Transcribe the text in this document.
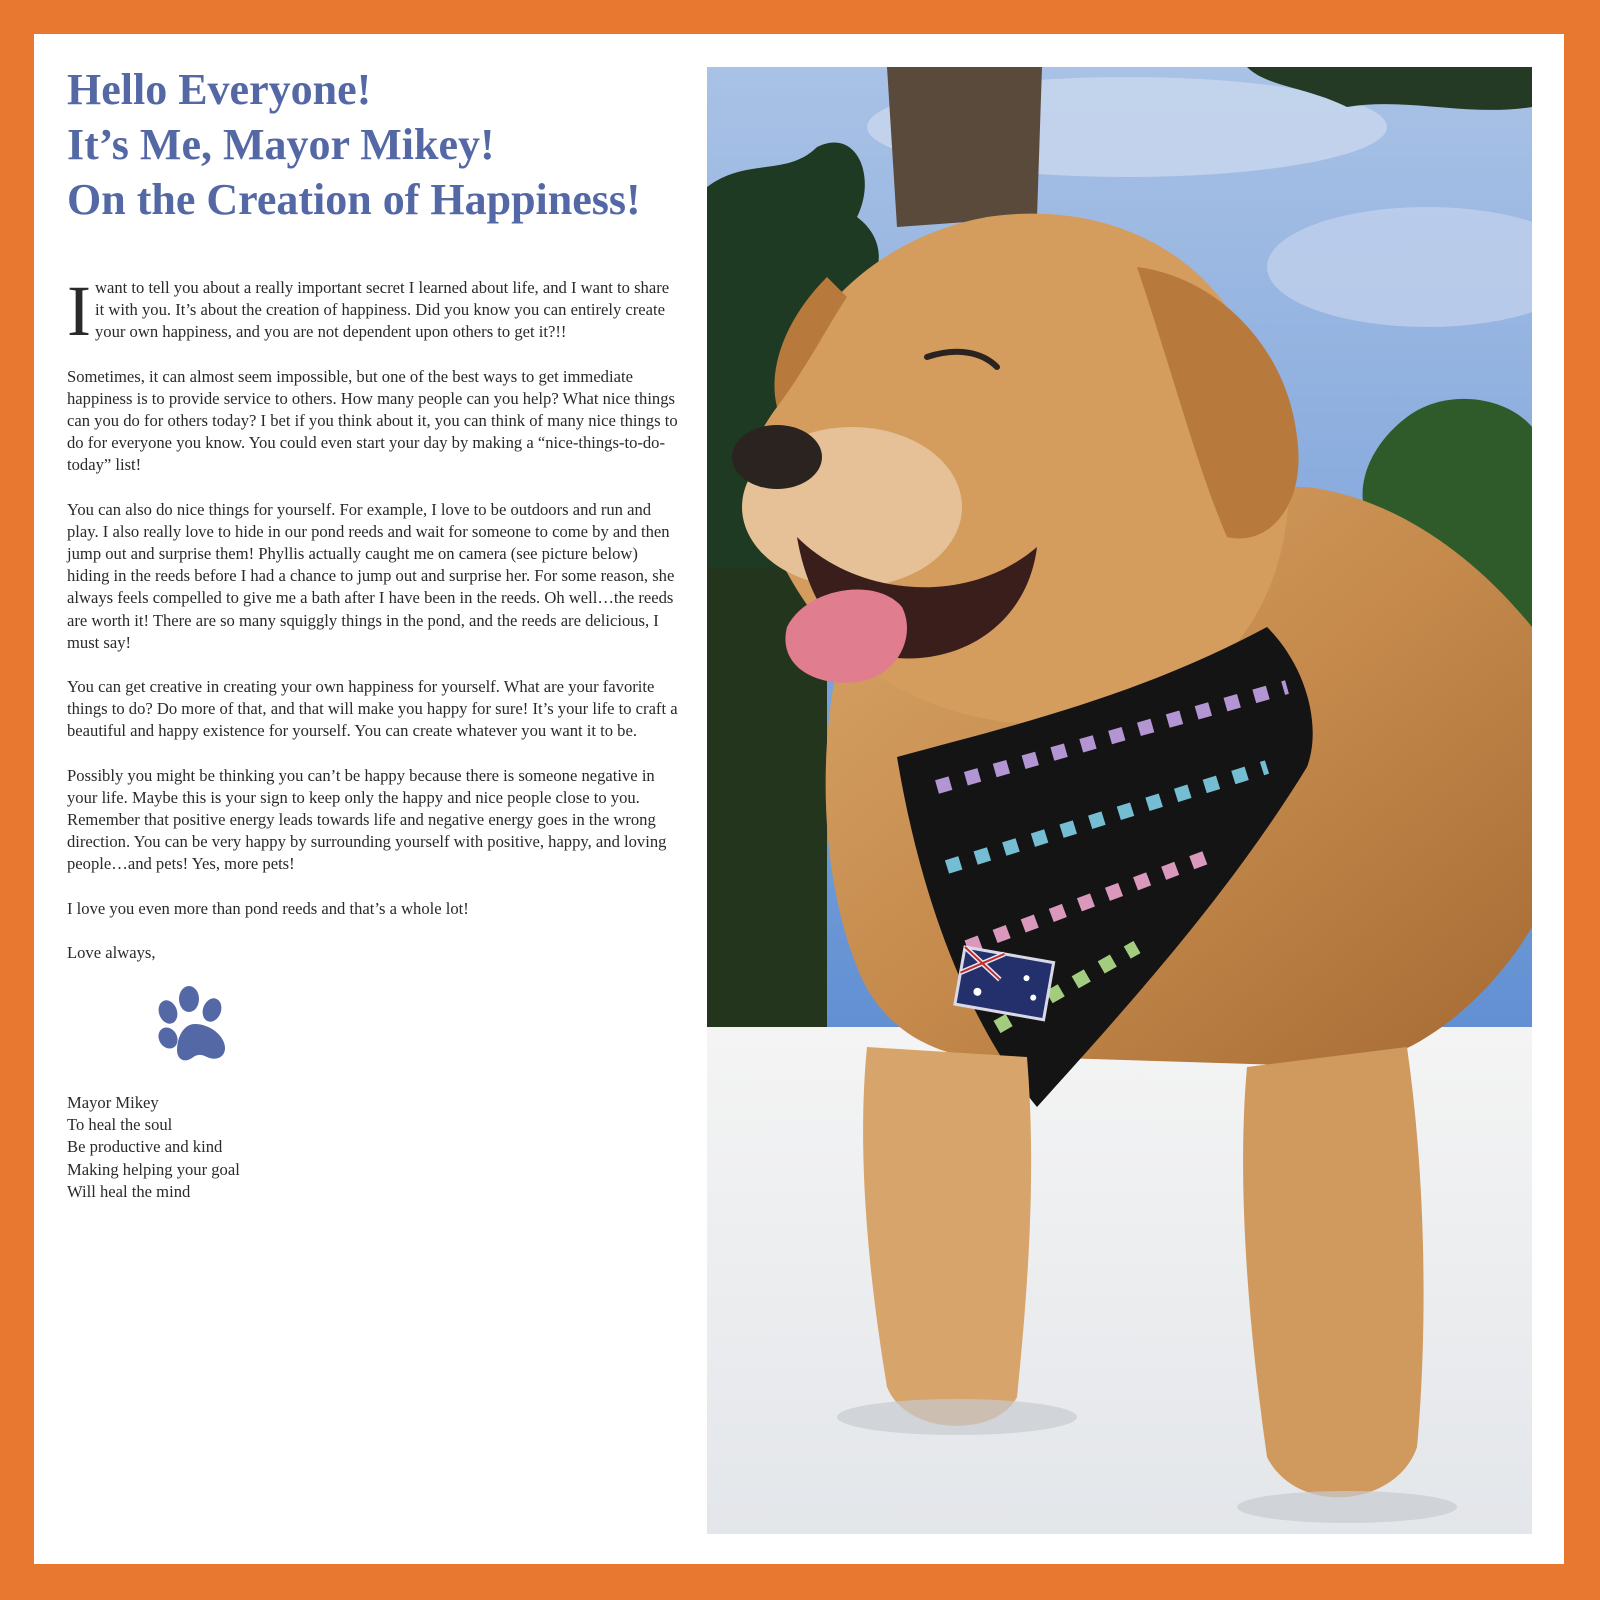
Hello Everyone!
It’s Me, Mayor Mikey!
On the Creation of Happiness!

Iwant to tell you about a really important secret I learned about life, and I want to share it with you. It’s about the creation of happiness. Did you know you can entirely create your own happiness, and you are not dependent upon others to get it?!!

Sometimes, it can almost seem impossible, but one of the best ways to get immediate happiness is to provide service to others. How many people can you help? What nice things can you do for others today? I bet if you think about it, you can think of many nice things to do for everyone you know. You could even start your day by making a “nice-things-to-do-today” list!

You can also do nice things for yourself. For example, I love to be outdoors and run and play. I also really love to hide in our pond reeds and wait for someone to come by and then jump out and surprise them! Phyllis actually caught me on camera (see picture below) hiding in the reeds before I had a chance to jump out and surprise her. For some reason, she always feels compelled to give me a bath after I have been in the reeds. Oh well…the reeds are worth it! There are so many squiggly things in the pond, and the reeds are delicious, I must say!

You can get creative in creating your own happiness for yourself. What are your favorite things to do? Do more of that, and that will make you happy for sure! It’s your life to craft a beautiful and happy existence for yourself. You can create whatever you want it to be.

Possibly you might be thinking you can’t be happy because there is someone negative in your life. Maybe this is your sign to keep only the happy and nice people close to you. Remember that positive energy leads towards life and negative energy goes in the wrong direction. You can be very happy by surrounding yourself with positive, happy, and loving people…and pets! Yes, more pets!

I love you even more than pond reeds and that’s a whole lot!

Love always,

Mayor Mikey
To heal the soul
Be productive and kind
Making helping your goal
Will heal the mind
